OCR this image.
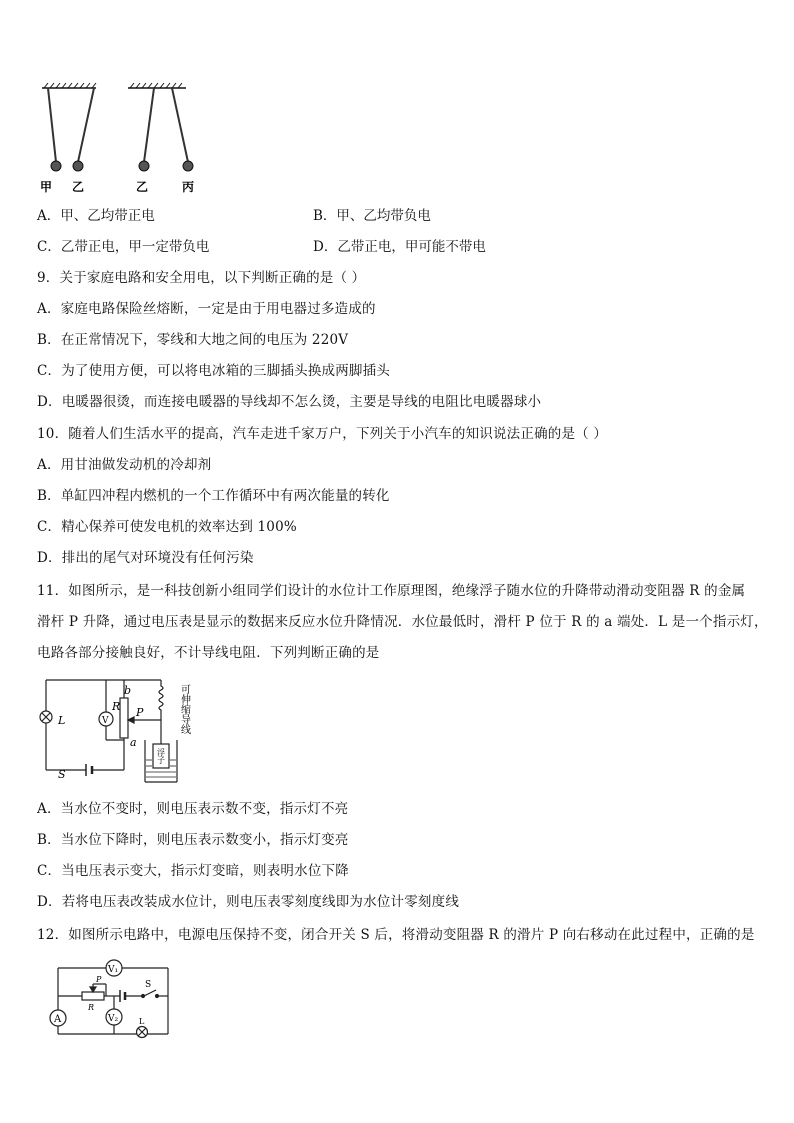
甲 乙	乙	丙
A．甲、乙均带正电	B．甲、乙均带负电
C．乙带正电，甲一定带负电	D．乙带正电，甲可能不带电
9．关于家庭电路和安全用电，以下判断正确的是（ ）
A．家庭电路保险丝熔断，一定是由于用电器过多造成的
B．在正常情况下，零线和大地之间的电压为 220V
C．为了使用方便，可以将电冰箱的三脚插头换成两脚插头
D．电暖器很烫，而连接电暖器的导线却不怎么烫，主要是导线的电阻比电暖器球小
10．随着人们生活水平的提高，汽车走进千家万户，下列关于小汽车的知识说法正确的是（ ）
A．用甘油做发动机的冷却剂
B．单缸四冲程内燃机的一个工作循环中有两次能量的转化
C．精心保养可使发电机的效率达到 100%
D．排出的尾气对环境没有任何污染
11．如图所示，是一科技创新小组同学们设计的水位计工作原理图，绝缘浮子随水位的升降带动滑动变阻器 R 的金属
滑杆 P 升降，通过电压表是显示的数据来反应水位升降情况．水位最低时，滑杆 P 位于 R 的 a 端处．L 是一个指示灯，
电路各部分接触良好，不计导线电阻．下列判断正确的是
L	V
R
b
P
a
S
可伸缩导线
浮子
A．当水位不变时，则电压表示数不变，指示灯不亮
B．当水位下降时，则电压表示数变小，指示灯变亮
C．当电压表示变大，指示灯变暗，则表明水位下降
D．若将电压表改装成水位计，则电压表零刻度线即为水位计零刻度线
12．如图所示电路中，电源电压保持不变，闭合开关 S 后，将滑动变阻器 R 的滑片 P 向右移动在此过程中，正确的是
V₁
V₂
A
P
R
S
L
